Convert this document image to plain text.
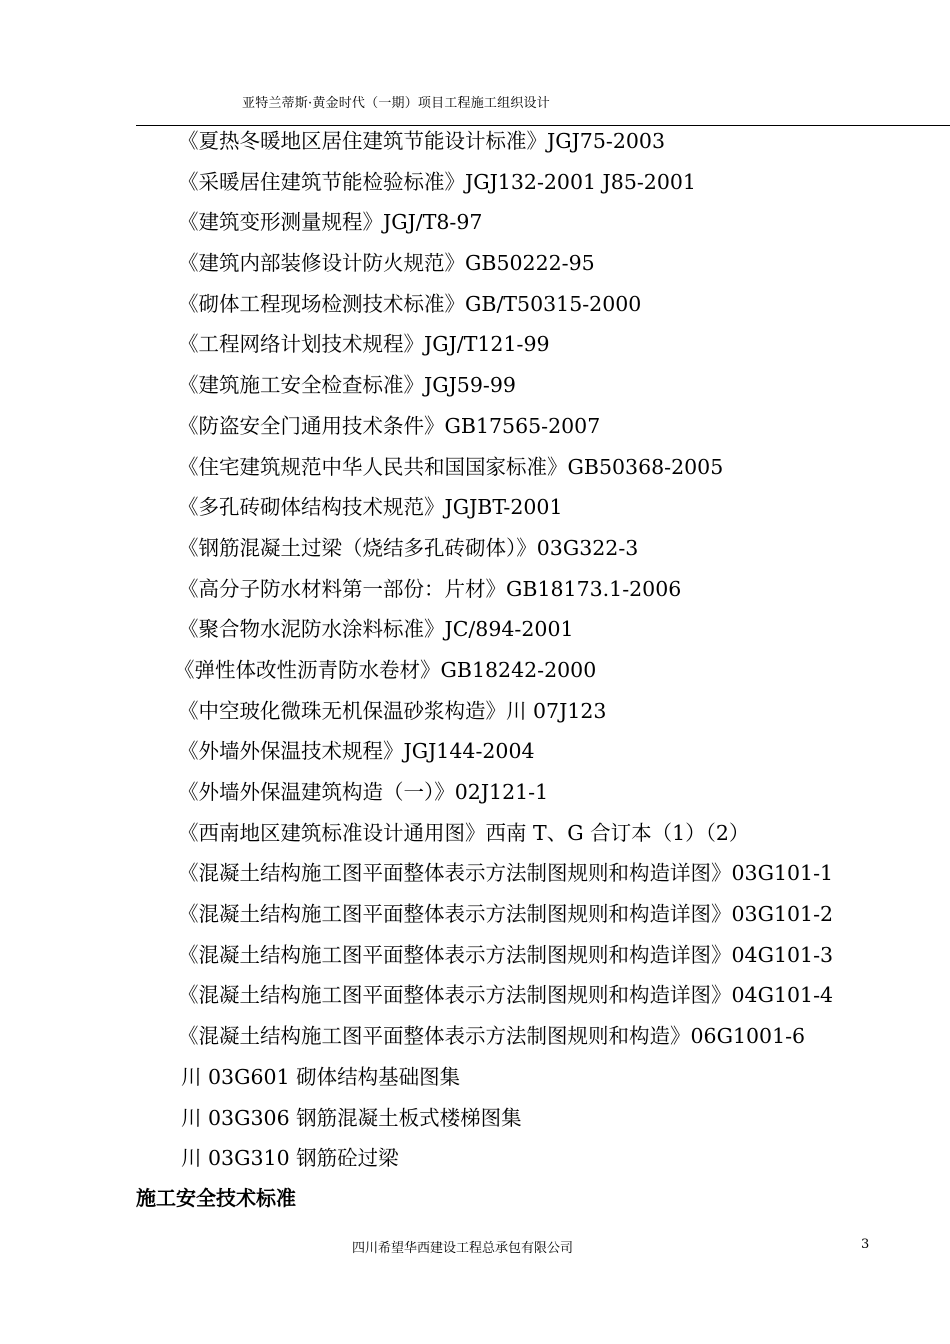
亚特兰蒂斯·黄金时代（一期）项目工程施工组织设计
《夏热冬暖地区居住建筑节能设计标准》JGJ75-2003
《采暖居住建筑节能检验标准》JGJ132-2001 J85-2001
《建筑变形测量规程》JGJ/T8-97
《建筑内部装修设计防火规范》GB50222-95
《砌体工程现场检测技术标准》GB/T50315-2000
《工程网络计划技术规程》JGJ/T121-99
《建筑施工安全检查标准》JGJ59-99
《防盗安全门通用技术条件》GB17565-2007
《住宅建筑规范中华人民共和国国家标准》GB50368-2005
《多孔砖砌体结构技术规范》JGJBT-2001
《钢筋混凝土过梁（烧结多孔砖砌体）》03G322-3
《高分子防水材料第一部份：片材》GB18173.1-2006
《聚合物水泥防水涂料标准》JC/894-2001
《弹性体改性沥青防水卷材》GB18242-2000
《中空玻化微珠无机保温砂浆构造》川 07J123
《外墙外保温技术规程》JGJ144-2004
《外墙外保温建筑构造（一）》02J121-1
《西南地区建筑标准设计通用图》西南 T、G 合订本（1）（2）
《混凝土结构施工图平面整体表示方法制图规则和构造详图》03G101-1
《混凝土结构施工图平面整体表示方法制图规则和构造详图》03G101-2
《混凝土结构施工图平面整体表示方法制图规则和构造详图》04G101-3
《混凝土结构施工图平面整体表示方法制图规则和构造详图》04G101-4
《混凝土结构施工图平面整体表示方法制图规则和构造》06G1001-6
川 03G601 砌体结构基础图集
川 03G306 钢筋混凝土板式楼梯图集
川 03G310 钢筋砼过梁
施工安全技术标准
四川希望华西建设工程总承包有限公司	3
